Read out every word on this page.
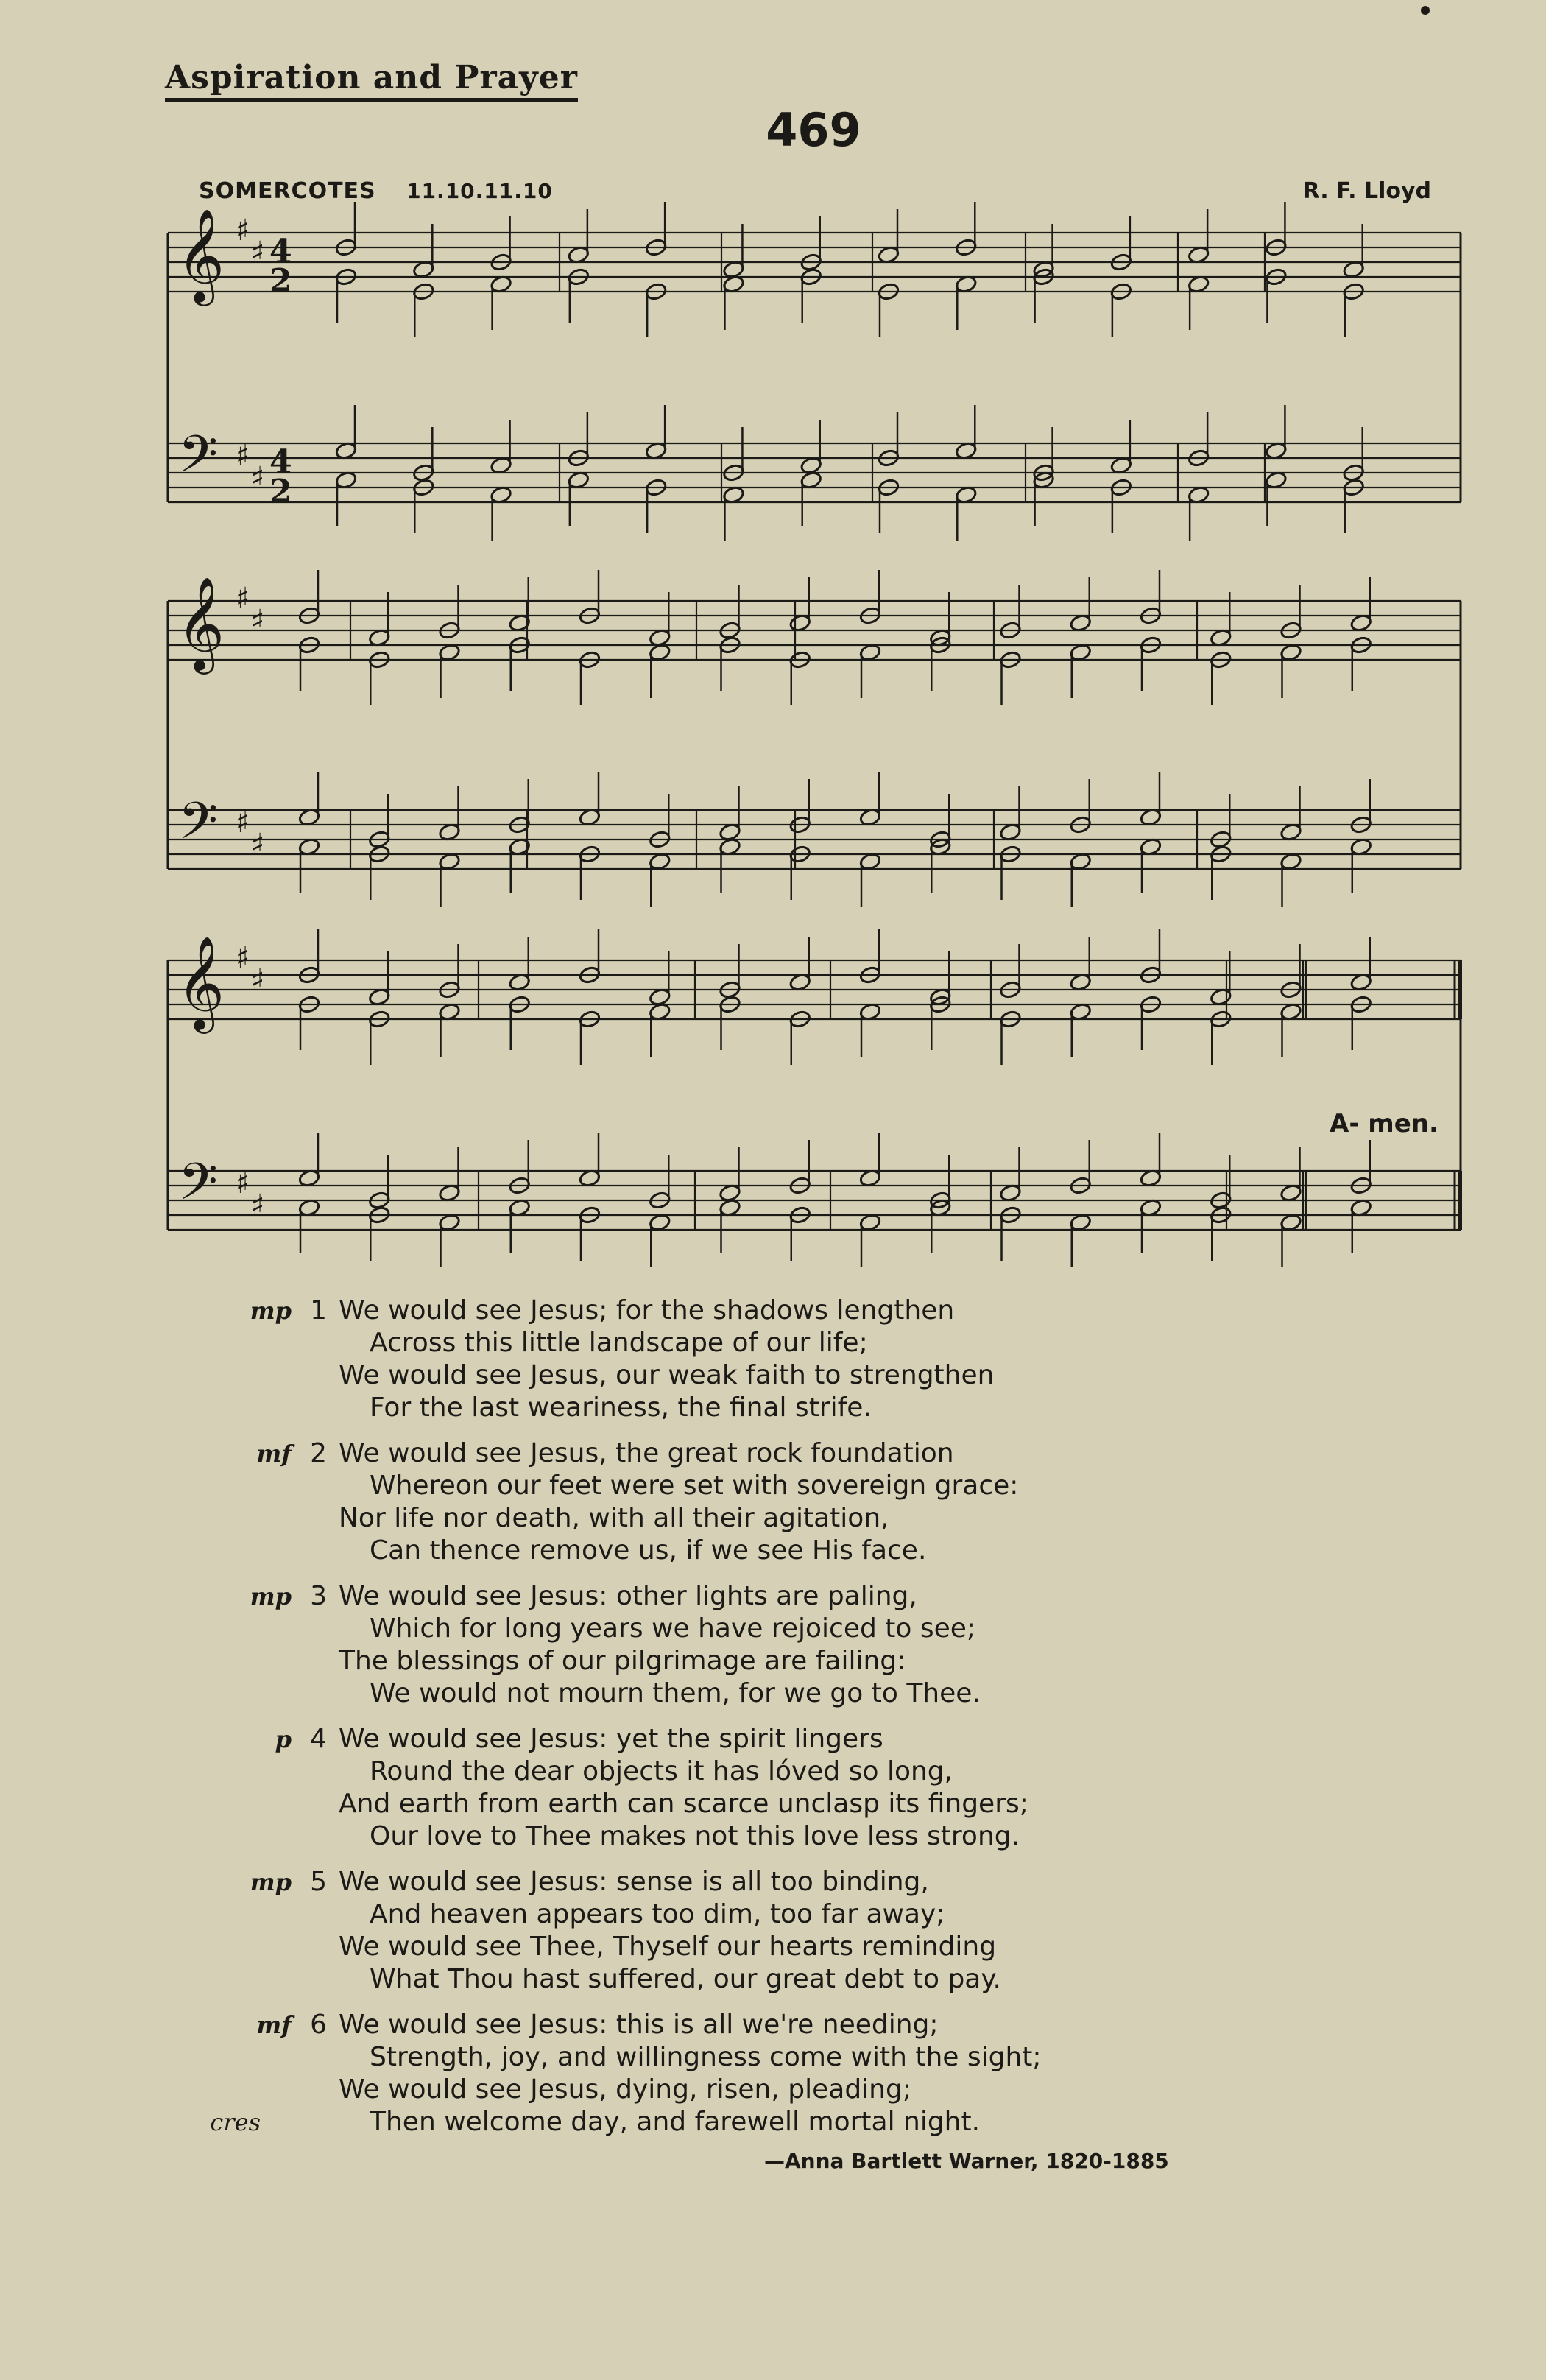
Aspiration and Prayer
469
SOMERCOTES 11.10.11.10	R. F. Lloyd
𝄞
𝄢
♯
♯
♯
♯
4
2
4
2
𝄞
𝄢
♯
♯
♯
♯
𝄞
𝄢
♯
♯
♯
♯
A- men.
mp 1 We would see Jesus; for the shadows lengthen
Across this little landscape of our life;
We would see Jesus, our weak faith to strengthen
For the last weariness, the final strife.
mf 2 We would see Jesus, the great rock foundation
Whereon our feet were set with sovereign grace:
Nor life nor death, with all their agitation,
Can thence remove us, if we see His face.
mp 3 We would see Jesus: other lights are paling,
Which for long years we have rejoiced to see;
The blessings of our pilgrimage are failing:
We would not mourn them, for we go to Thee.
p 4 We would see Jesus: yet the spirit lingers
Round the dear objects it has lóved so long,
And earth from earth can scarce unclasp its fingers;
Our love to Thee makes not this love less strong.
mp 5 We would see Jesus: sense is all too binding,
And heaven appears too dim, too far away;
We would see Thee, Thyself our hearts reminding
What Thou hast suffered, our great debt to pay.
mf 6 We would see Jesus: this is all we're needing;
Strength, joy, and willingness come with the sight;
We would see Jesus, dying, risen, pleading;
cres	Then welcome day, and farewell mortal night.
—Anna Bartlett Warner, 1820-1885
